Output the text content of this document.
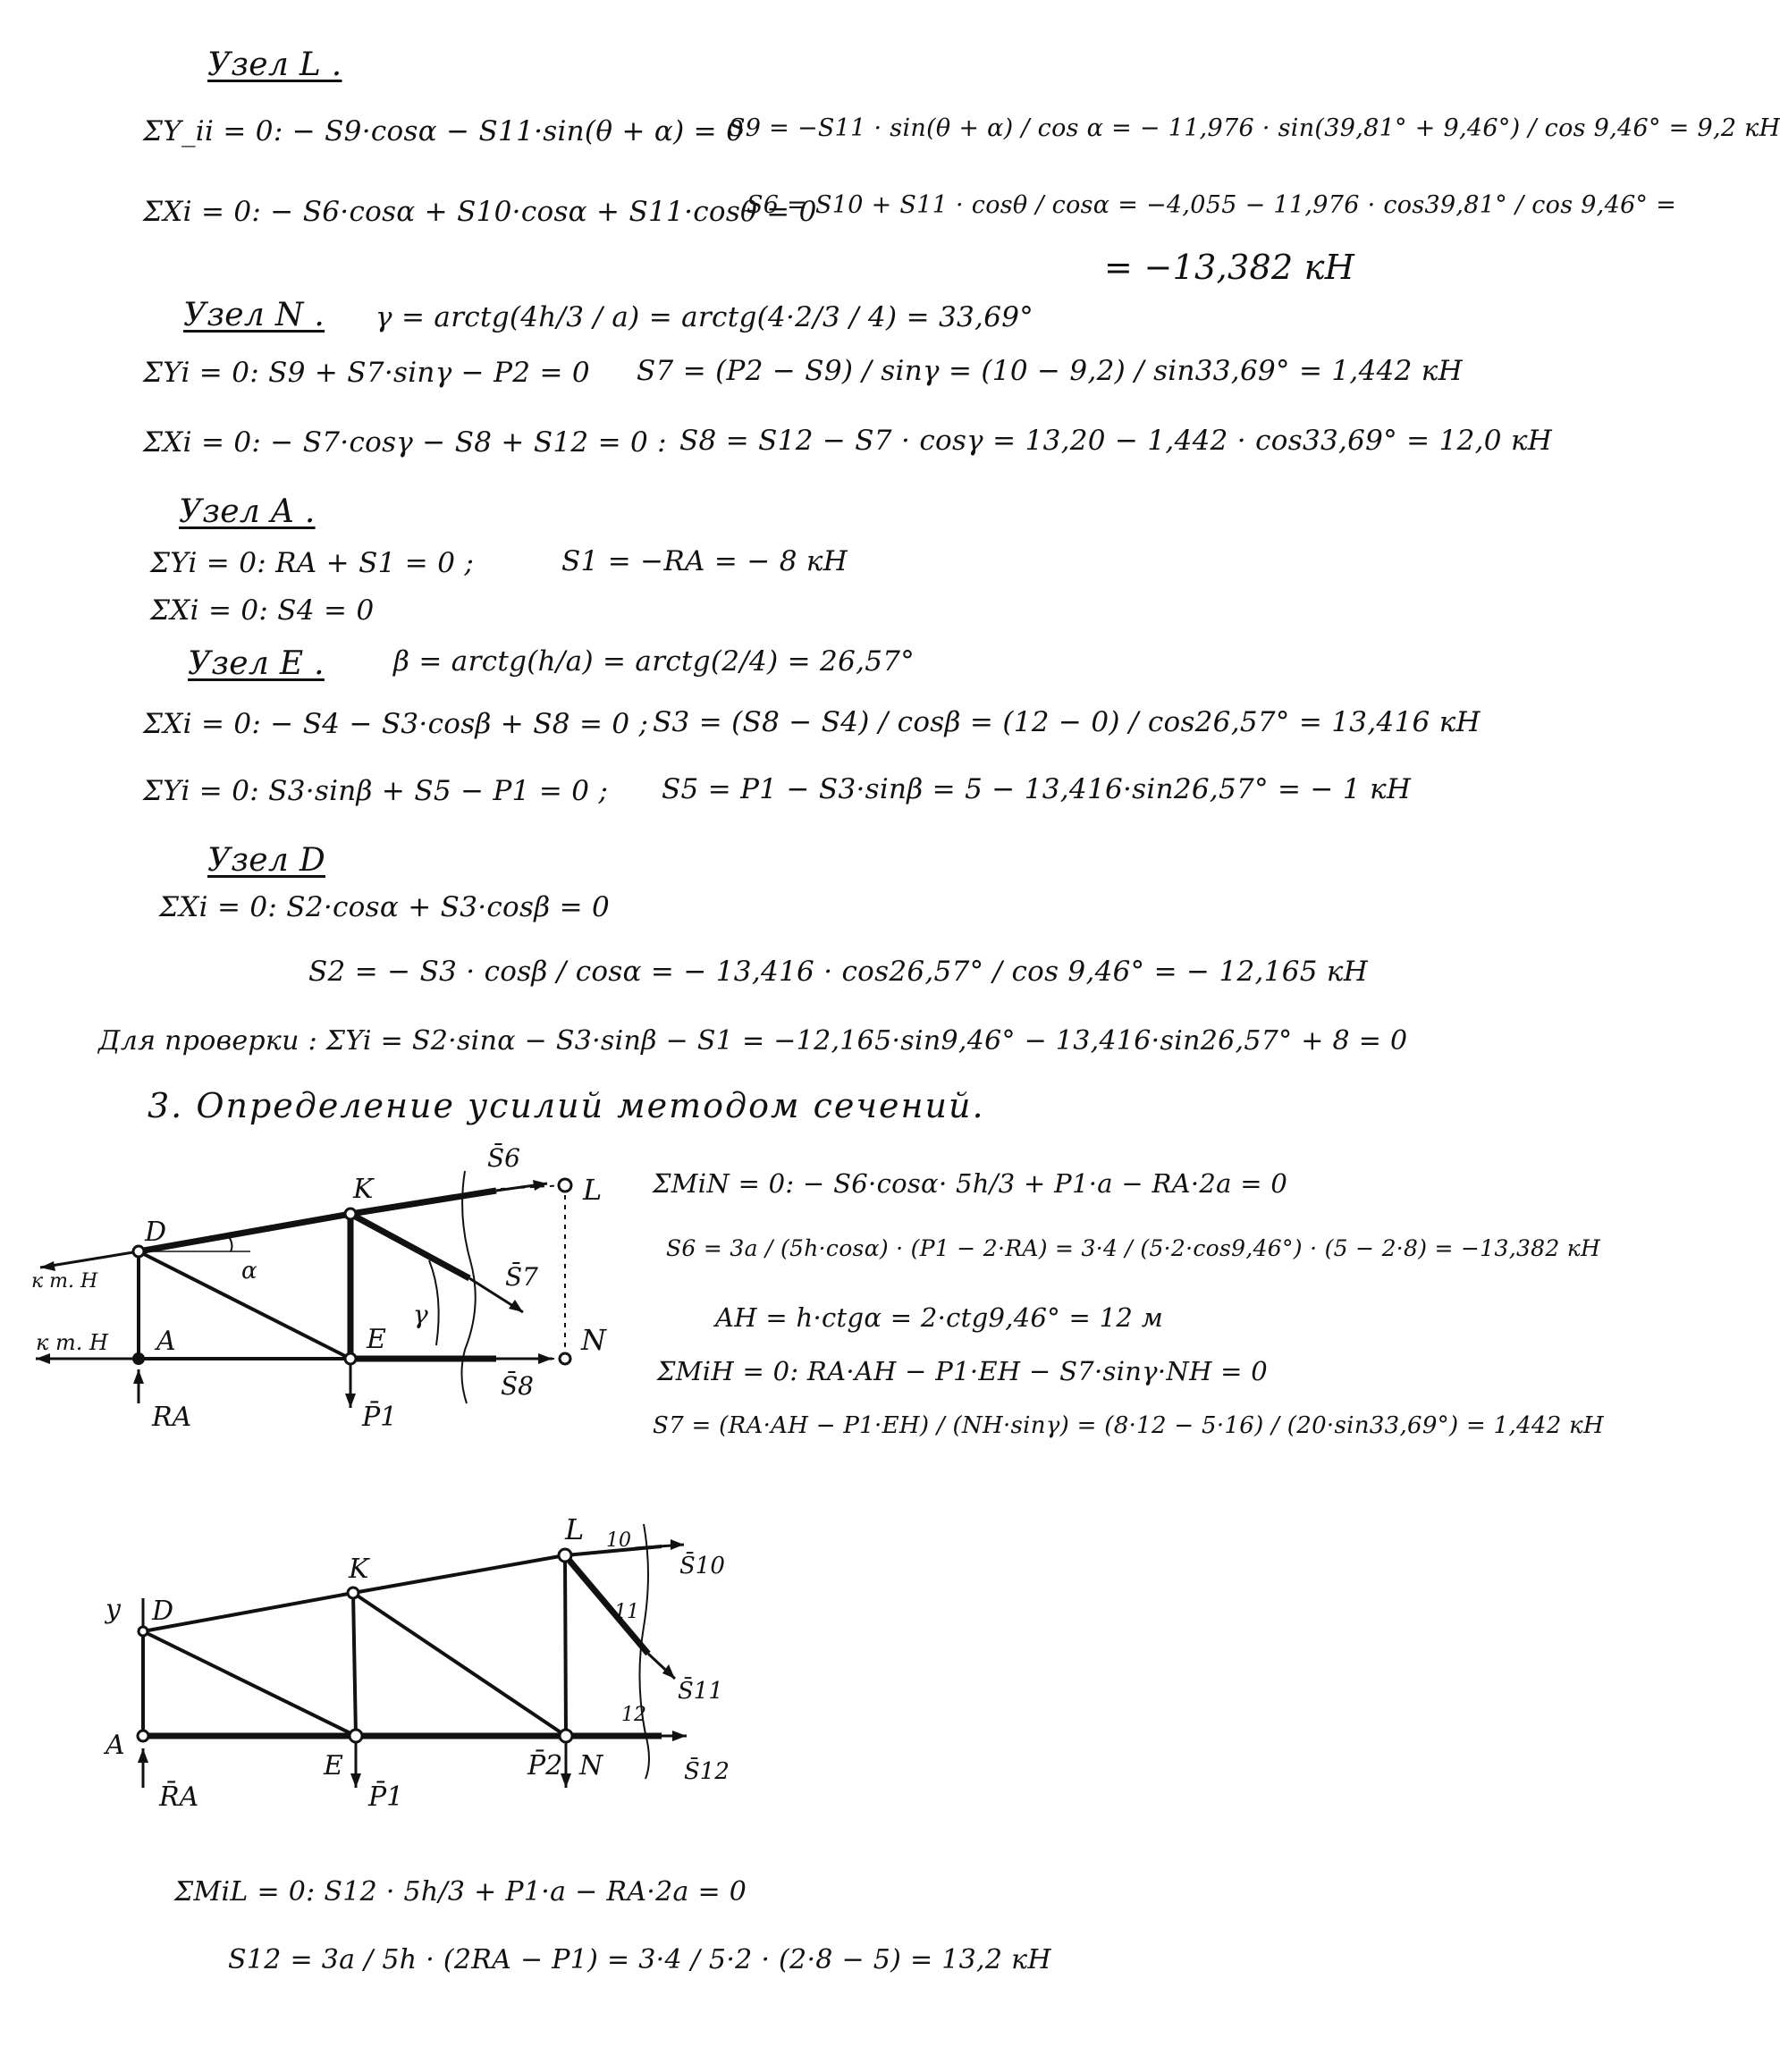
Узел L .
ΣY_ii = 0: − S9·cosα − S11·sin(θ + α) = 0
S9 = −S11 · sin(θ + α) / cos α = − 11,976 · sin(39,81° + 9,46°) / cos 9,46° = 9,2 кН
ΣXi = 0: − S6·cosα + S10·cosα + S11·cosθ = 0
S6 = S10 + S11 · cosθ / cosα = −4,055 − 11,976 · cos39,81° / cos 9,46° =
= −13,382 кН
Узел N . γ = arctg(4h/3 / a) = arctg(4·2/3 / 4) = 33,69°
ΣYi = 0: S9 + S7·sinγ − P2 = 0 S7 = (P2 − S9) / sinγ = (10 − 9,2) / sin33,69° = 1,442 кН
ΣXi = 0: − S7·cosγ − S8 + S12 = 0 : S8 = S12 − S7 · cosγ = 13,20 − 1,442 · cos33,69° = 12,0 кН
Узел A .
ΣYi = 0: RA + S1 = 0 ;	S1 = −RA = − 8 кН
ΣXi = 0: S4 = 0
Узел E . β = arctg(h/a) = arctg(2/4) = 26,57°
ΣXi = 0: − S4 − S3·cosβ + S8 = 0 ; S3 = (S8 − S4) / cosβ = (12 − 0) / cos26,57° = 13,416 кН
ΣYi = 0: S3·sinβ + S5 − P1 = 0 ; S5 = P1 − S3·sinβ = 5 − 13,416·sin26,57° = − 1 кН
Узел D
ΣXi = 0: S2·cosα + S3·cosβ = 0
S2 = − S3 · cosβ / cosα = − 13,416 · cos26,57° / cos 9,46° = − 12,165 кН
Для проверки : ΣYi = S2·sinα − S3·sinβ − S1 = −12,165·sin9,46° − 13,416·sin26,57° + 8 = 0
3. Определение усилий методом сечений.
S̄6
L
K
D
α	S̄7
γ
к т. H
к т. H A	E	N
S̄8
RA	P̄1
ΣMiN = 0: − S6·cosα· 5h/3 + P1·a − RA·2a = 0
S6 = 3a / (5h·cosα) · (P1 − 2·RA) = 3·4 / (5·2·cos9,46°) · (5 − 2·8) = −13,382 кН
AH = h·ctgα = 2·ctg9,46° = 12 м
ΣMiH = 0: RA·AH − P1·EH − S7·sinγ·NH = 0
S7 = (RA·AH − P1·EH) / (NH·sinγ) = (8·12 − 5·16) / (20·sin33,69°) = 1,442 кН
y D
K
L 10
S̄10
11
S̄11
A
E	N
12
S̄12
R̄A	P̄1
P̄2
ΣMiL = 0: S12 · 5h/3 + P1·a − RA·2a = 0
S12 = 3a / 5h · (2RA − P1) = 3·4 / 5·2 · (2·8 − 5) = 13,2 кН
